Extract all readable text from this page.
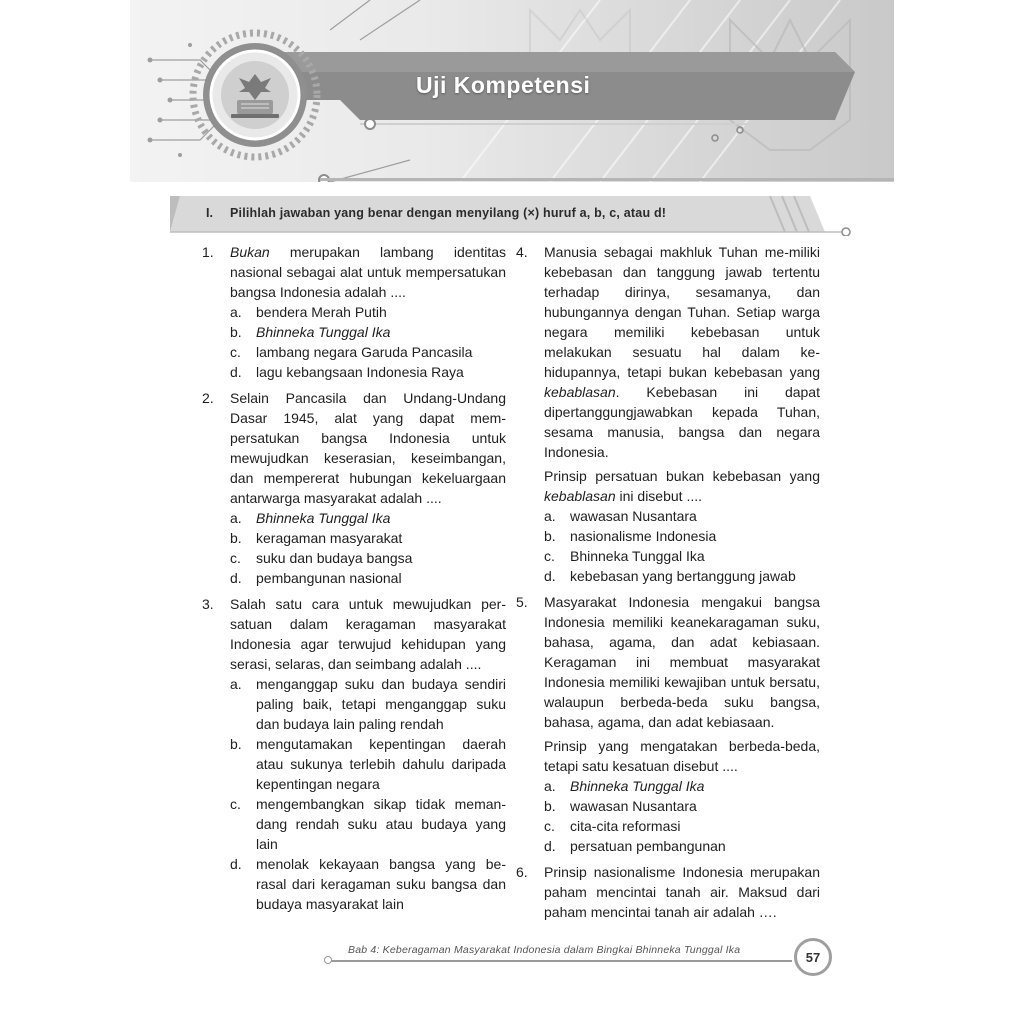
Uji Kompetensi
I. Pilihlah jawaban yang benar dengan menyilang (×) huruf a, b, c, atau d!
1. Bukan merupakan lambang identitas nasional sebagai alat untuk mempersatukan bangsa Indonesia adalah ....
a. bendera Merah Putih
b. Bhinneka Tunggal Ika
c. lambang negara Garuda Pancasila
d. lagu kebangsaan Indonesia Raya
2. Selain Pancasila dan Undang-Undang Dasar 1945, alat yang dapat mem-persatukan bangsa Indonesia untuk mewujudkan keserasian, keseimbangan, dan mempererat hubungan kekeluargaan antarwarga masyarakat adalah ....
a. Bhinneka Tunggal Ika
b. keragaman masyarakat
c. suku dan budaya bangsa
d. pembangunan nasional
3. Salah satu cara untuk mewujudkan per-satuan dalam keragaman masyarakat Indonesia agar terwujud kehidupan yang serasi, selaras, dan seimbang adalah ....
a. menganggap suku dan budaya sendiri paling baik, tetapi menganggap suku dan budaya lain paling rendah
b. mengutamakan kepentingan daerah atau sukunya terlebih dahulu daripada kepentingan negara
c. mengembangkan sikap tidak meman-dang rendah suku atau budaya yang lain
d. menolak kekayaan bangsa yang be-rasal dari keragaman suku bangsa dan budaya masyarakat lain
4. Manusia sebagai makhluk Tuhan me-miliki kebebasan dan tanggung jawab tertentu terhadap dirinya, sesamanya, dan hubungannya dengan Tuhan. Setiap warga negara memiliki kebebasan untuk melakukan sesuatu hal dalam ke-hidupannya, tetapi bukan kebebasan yang kebablasan. Kebebasan ini dapat dipertanggungjawabkan kepada Tuhan, sesama manusia, bangsa dan negara Indonesia.
Prinsip persatuan bukan kebebasan yang kebablasan ini disebut ....
a. wawasan Nusantara
b. nasionalisme Indonesia
c. Bhinneka Tunggal Ika
d. kebebasan yang bertanggung jawab
5. Masyarakat Indonesia mengakui bangsa Indonesia memiliki keanekaragaman suku, bahasa, agama, dan adat kebiasaan. Keragaman ini membuat masyarakat Indonesia memiliki kewajiban untuk bersatu, walaupun berbeda-beda suku bangsa, bahasa, agama, dan adat kebiasaan.
Prinsip yang mengatakan berbeda-beda, tetapi satu kesatuan disebut ....
a. Bhinneka Tunggal Ika
b. wawasan Nusantara
c. cita-cita reformasi
d. persatuan pembangunan
6. Prinsip nasionalisme Indonesia merupakan paham mencintai tanah air. Maksud dari paham mencintai tanah air adalah ….
Bab 4: Keberagaman Masyarakat Indonesia dalam Bingkai Bhinneka Tunggal Ika	57
